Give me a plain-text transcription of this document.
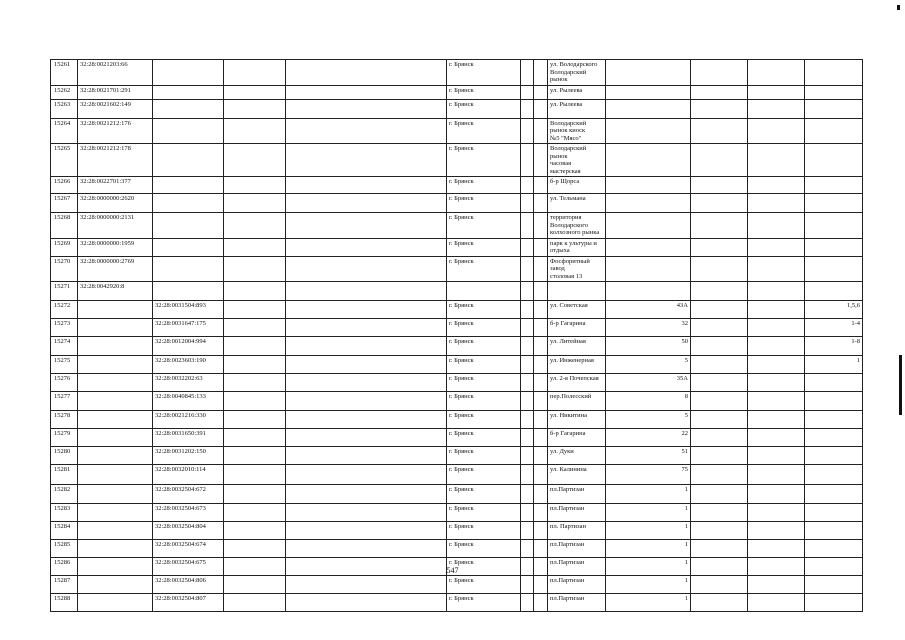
15261	32:28:0021203:66				г. Брянск			ул. Володарского
Володарский рынок				
15262	32:28:0021701:291				г. Брянск			ул. Рылеева				
15263	32:28:0021602:149				г. Брянск			ул. Рылеева				
15264	32:28:0021212:176				г. Брянск			Володарский рынок киоск
№5 "Мясо"				
15265	32:28:0021212:178				г. Брянск			Володарский рынок
часовая мастерская				
15266	32:28:0022701:377				г. Брянск			б-р Щорса				
15267	32:28:0000000:2620				г. Брянск			ул. Тельмана				
15268	32:28:0000000:2131				г. Брянск			территория Володарского
колхозного рынка				
15269	32:28:0000000:1959				г. Брянск			парк к ультуры и отдыха				
15270	32:28:0000000:2769				г. Брянск			Фосфоритный завод
столовая 13				
15271	32:28:0042920:8											
15272		32:28:0031504:893			г. Брянск			ул. Советская	43А			1,5,6
15273		32:28:0031647:175			г. Брянск			б-р Гагарина	32			1-4
15274		32:28:0012004:994			г. Брянск			ул. Литейная	50			1-8
15275		32:28:0023603:190			г. Брянск			ул. Инженерная	5			1
15276		32:28:0032202:63			г. Брянск			ул. 2-я Почепская	35А			
15277		32:28:0040845:133			г. Брянск			пер.Полесский	8			
15278		32:28:0021216:330			г. Брянск			ул. Никитина	5			
15279		32:28:0031650:391			г. Брянск			б-р Гагарина	22			
15280		32:28:0031202:150			г. Брянск			ул. Дуки	51			
15281		32:28:0032010:114			г. Брянск			ул. Калинина	75			
15282		32:28:0032504:672			г. Брянск			пл.Партизан	1			
15283		32:28:0032504:673			г. Брянск			пл.Партизан	1			
15284		32:28:0032504:804			г. Брянск			пл. Партизан	1			
15285		32:28:0032504:674			г. Брянск			пл.Партизан	1			
15286		32:28:0032504:675			г. Брянск			пл.Партизан	1			
15287		32:28:0032504:806			г. Брянск			пл.Партизан	1			
15288		32:28:0032504:807			г. Брянск			пл.Партизан	1			
547
